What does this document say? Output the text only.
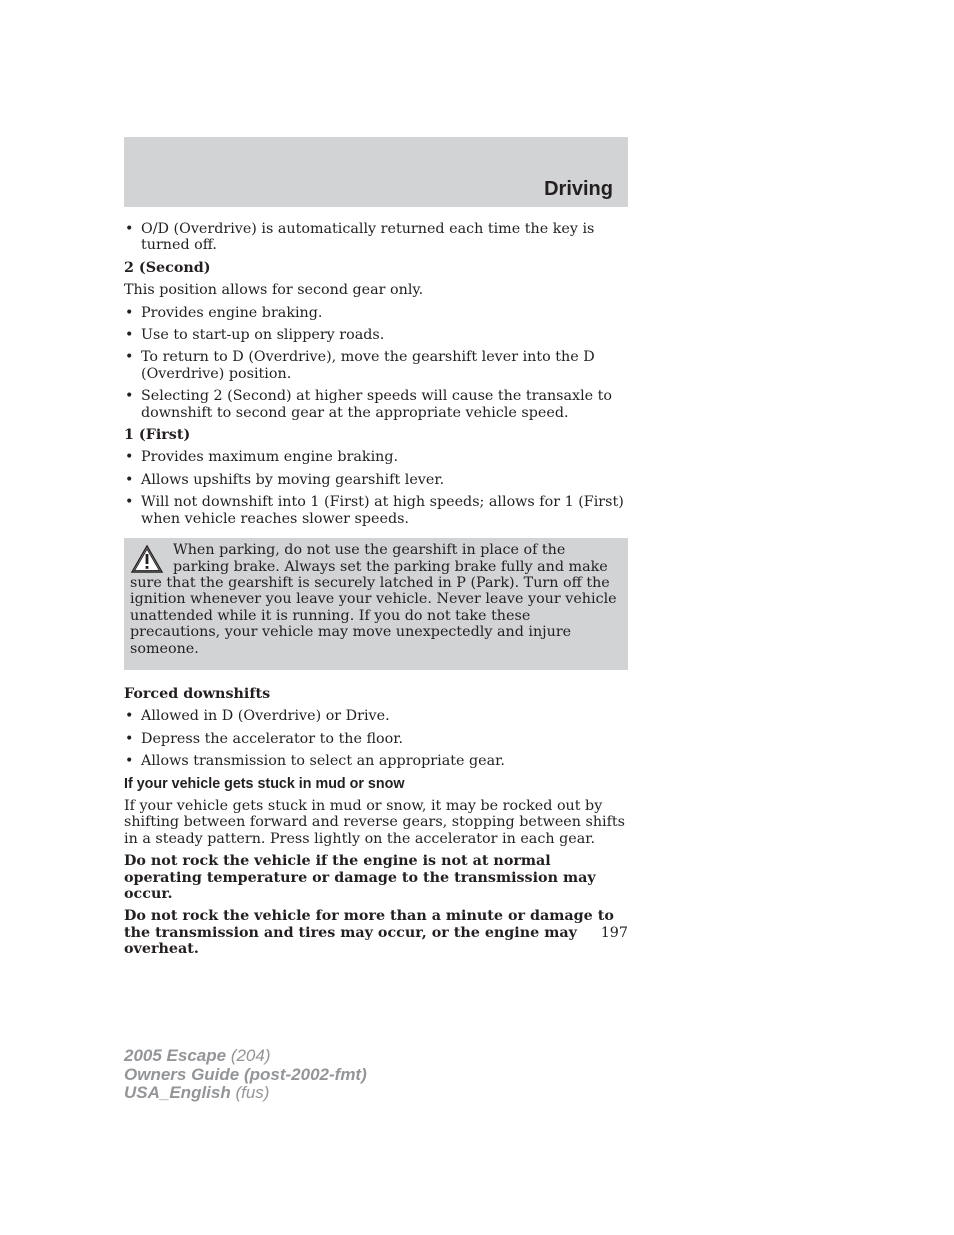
Driving
• O/D (Overdrive) is automatically returned each time the key is turned off.

2 (Second)

This position allows for second gear only.

• Provides engine braking.
• Use to start-up on slippery roads.
• To return to D (Overdrive), move the gearshift lever into the D (Overdrive) position.
• Selecting 2 (Second) at higher speeds will cause the transaxle to downshift to second gear at the appropriate vehicle speed.

1 (First)

• Provides maximum engine braking.
• Allows upshifts by moving gearshift lever.
• Will not downshift into 1 (First) at high speeds; allows for 1 (First) when vehicle reaches slower speeds.

When parking, do not use the gearshift in place of the parking brake. Always set the parking brake fully and make sure that the gearshift is securely latched in P (Park). Turn off the ignition whenever you leave your vehicle. Never leave your vehicle unattended while it is running. If you do not take these precautions, your vehicle may move unexpectedly and injure someone.

Forced downshifts

• Allowed in D (Overdrive) or Drive.
• Depress the accelerator to the floor.
• Allows transmission to select an appropriate gear.

If your vehicle gets stuck in mud or snow

If your vehicle gets stuck in mud or snow, it may be rocked out by shifting between forward and reverse gears, stopping between shifts in a steady pattern. Press lightly on the accelerator in each gear.

Do not rock the vehicle if the engine is not at normal operating temperature or damage to the transmission may occur.

Do not rock the vehicle for more than a minute or damage to the transmission and tires may occur, or the engine may overheat.

197
2005 Escape (204)
Owners Guide (post-2002-fmt)
USA_English (fus)
